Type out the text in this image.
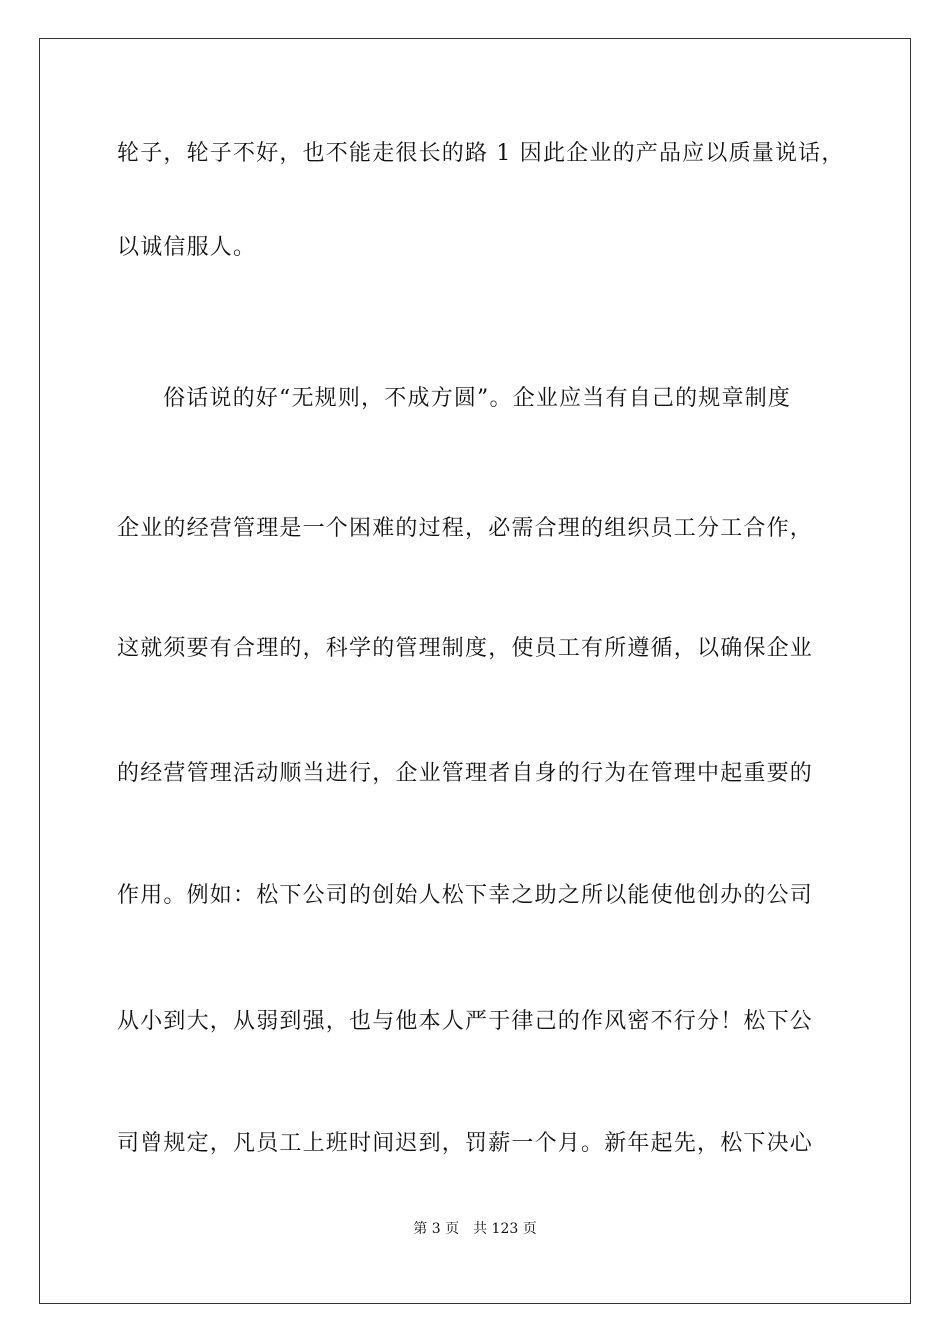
轮子，轮子不好，也不能走很长的路 1 因此企业的产品应以质量说话，
以诚信服人。
俗话说的好“无规则，不成方圆”。企业应当有自己的规章制度
企业的经营管理是一个困难的过程，必需合理的组织员工分工合作，
这就须要有合理的，科学的管理制度，使员工有所遵循，以确保企业
的经营管理活动顺当进行，企业管理者自身的行为在管理中起重要的
作用。例如：松下公司的创始人松下幸之助之所以能使他创办的公司
从小到大，从弱到强，也与他本人严于律己的作风密不行分！松下公
司曾规定，凡员工上班时间迟到，罚薪一个月。新年起先，松下决心
第 3 页　共 123 页
